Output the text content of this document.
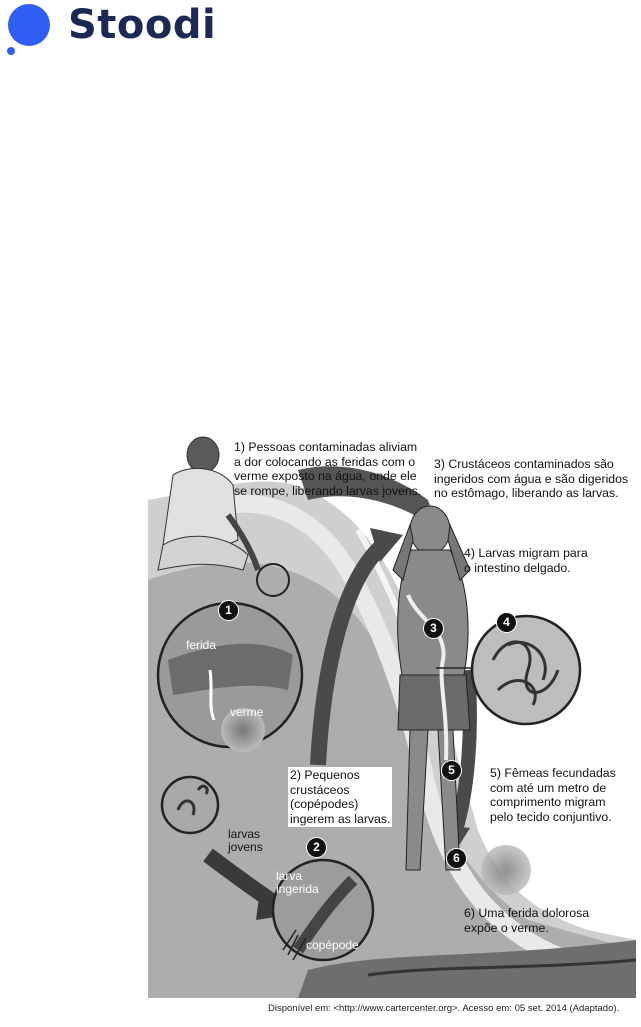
Stoodi
1) Pessoas contaminadas aliviam
a dor colocando as feridas com o
verme exposto na água, onde ele
se rompe, liberando larvas jovens.
3) Crustáceos contaminados são
ingeridos com água e são digeridos
no estômago, liberando as larvas.
4) Larvas migram para
o intestino delgado.
2) Pequenos
crustáceos
(copépodes)
ingerem as larvas.
5) Fêmeas fecundadas
com até um metro de
comprimento migram
pelo tecido conjuntivo.
6) Uma ferida dolorosa
expõe o verme.
ferida
verme
larvas
jovens
larva
ingerida
copépode
1
2
3	4
5
6
Disponível em: <http://www.cartercenter.org>. Acesso em: 05 set. 2014 (Adaptado).
